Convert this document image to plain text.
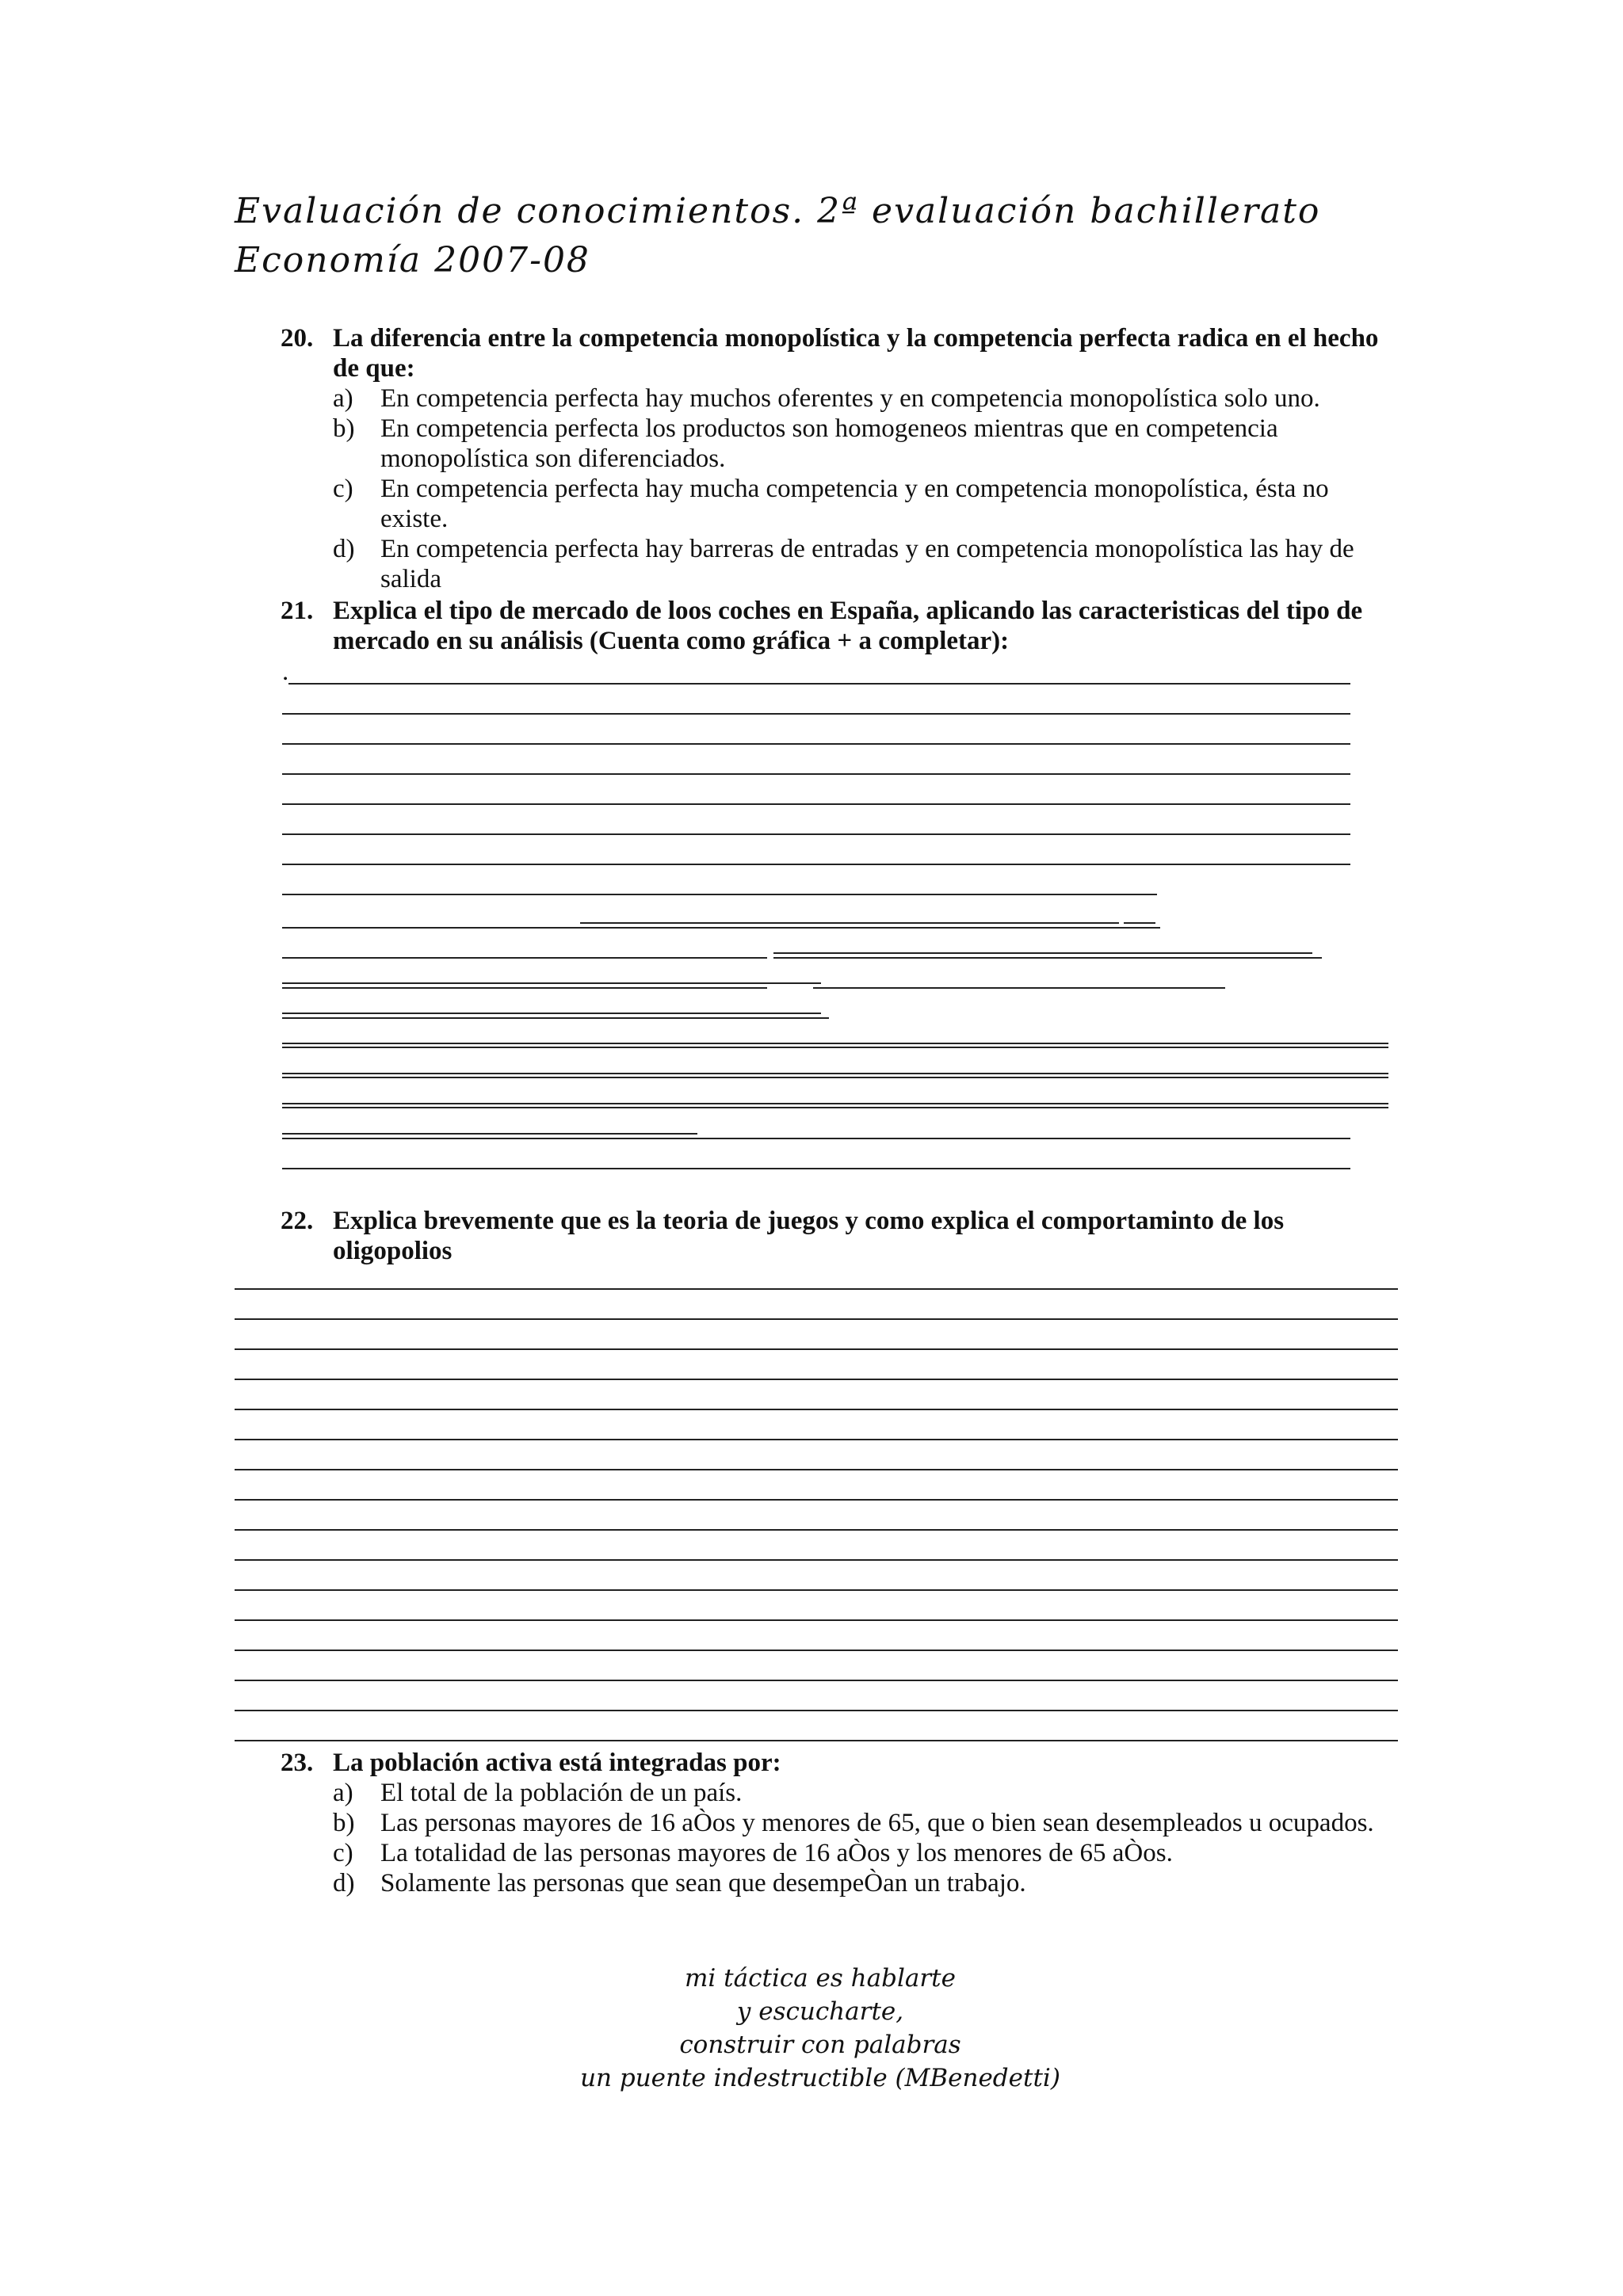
Evaluación de conocimientos. 2ª evaluación bachillerato
Economía 2007-08
20. La diferencia entre la competencia monopolística y la competencia perfecta radica en el hecho de que:
a)	En competencia perfecta hay muchos oferentes y en competencia monopolística solo uno.
b) En competencia perfecta los productos son homogeneos mientras que en competencia monopolística son diferenciados.
c)	En competencia perfecta hay mucha competencia y en competencia monopolística, ésta no existe.
d) En competencia perfecta hay barreras de entradas y en competencia monopolística las hay de salida
21. Explica el tipo de mercado de loos coches en España, aplicando las caracteristicas del tipo de mercado en su análisis (Cuenta como gráfica + a completar):
.
22. Explica brevemente que es la teoria de juegos y como explica el comportaminto de los oligopolios
23. La población activa está integradas por:
a)	El total de la población de un país.
b) Las personas mayores de 16 aÒos y menores de 65, que o bien sean desempleados u ocupados.
c)	La totalidad de las personas mayores de 16 aÒos y los menores de 65 aÒos.
d) Solamente las personas que sean que desempeÒan un trabajo.
mi táctica es hablarte
y escucharte,
construir con palabras
un puente indestructible (MBenedetti)
